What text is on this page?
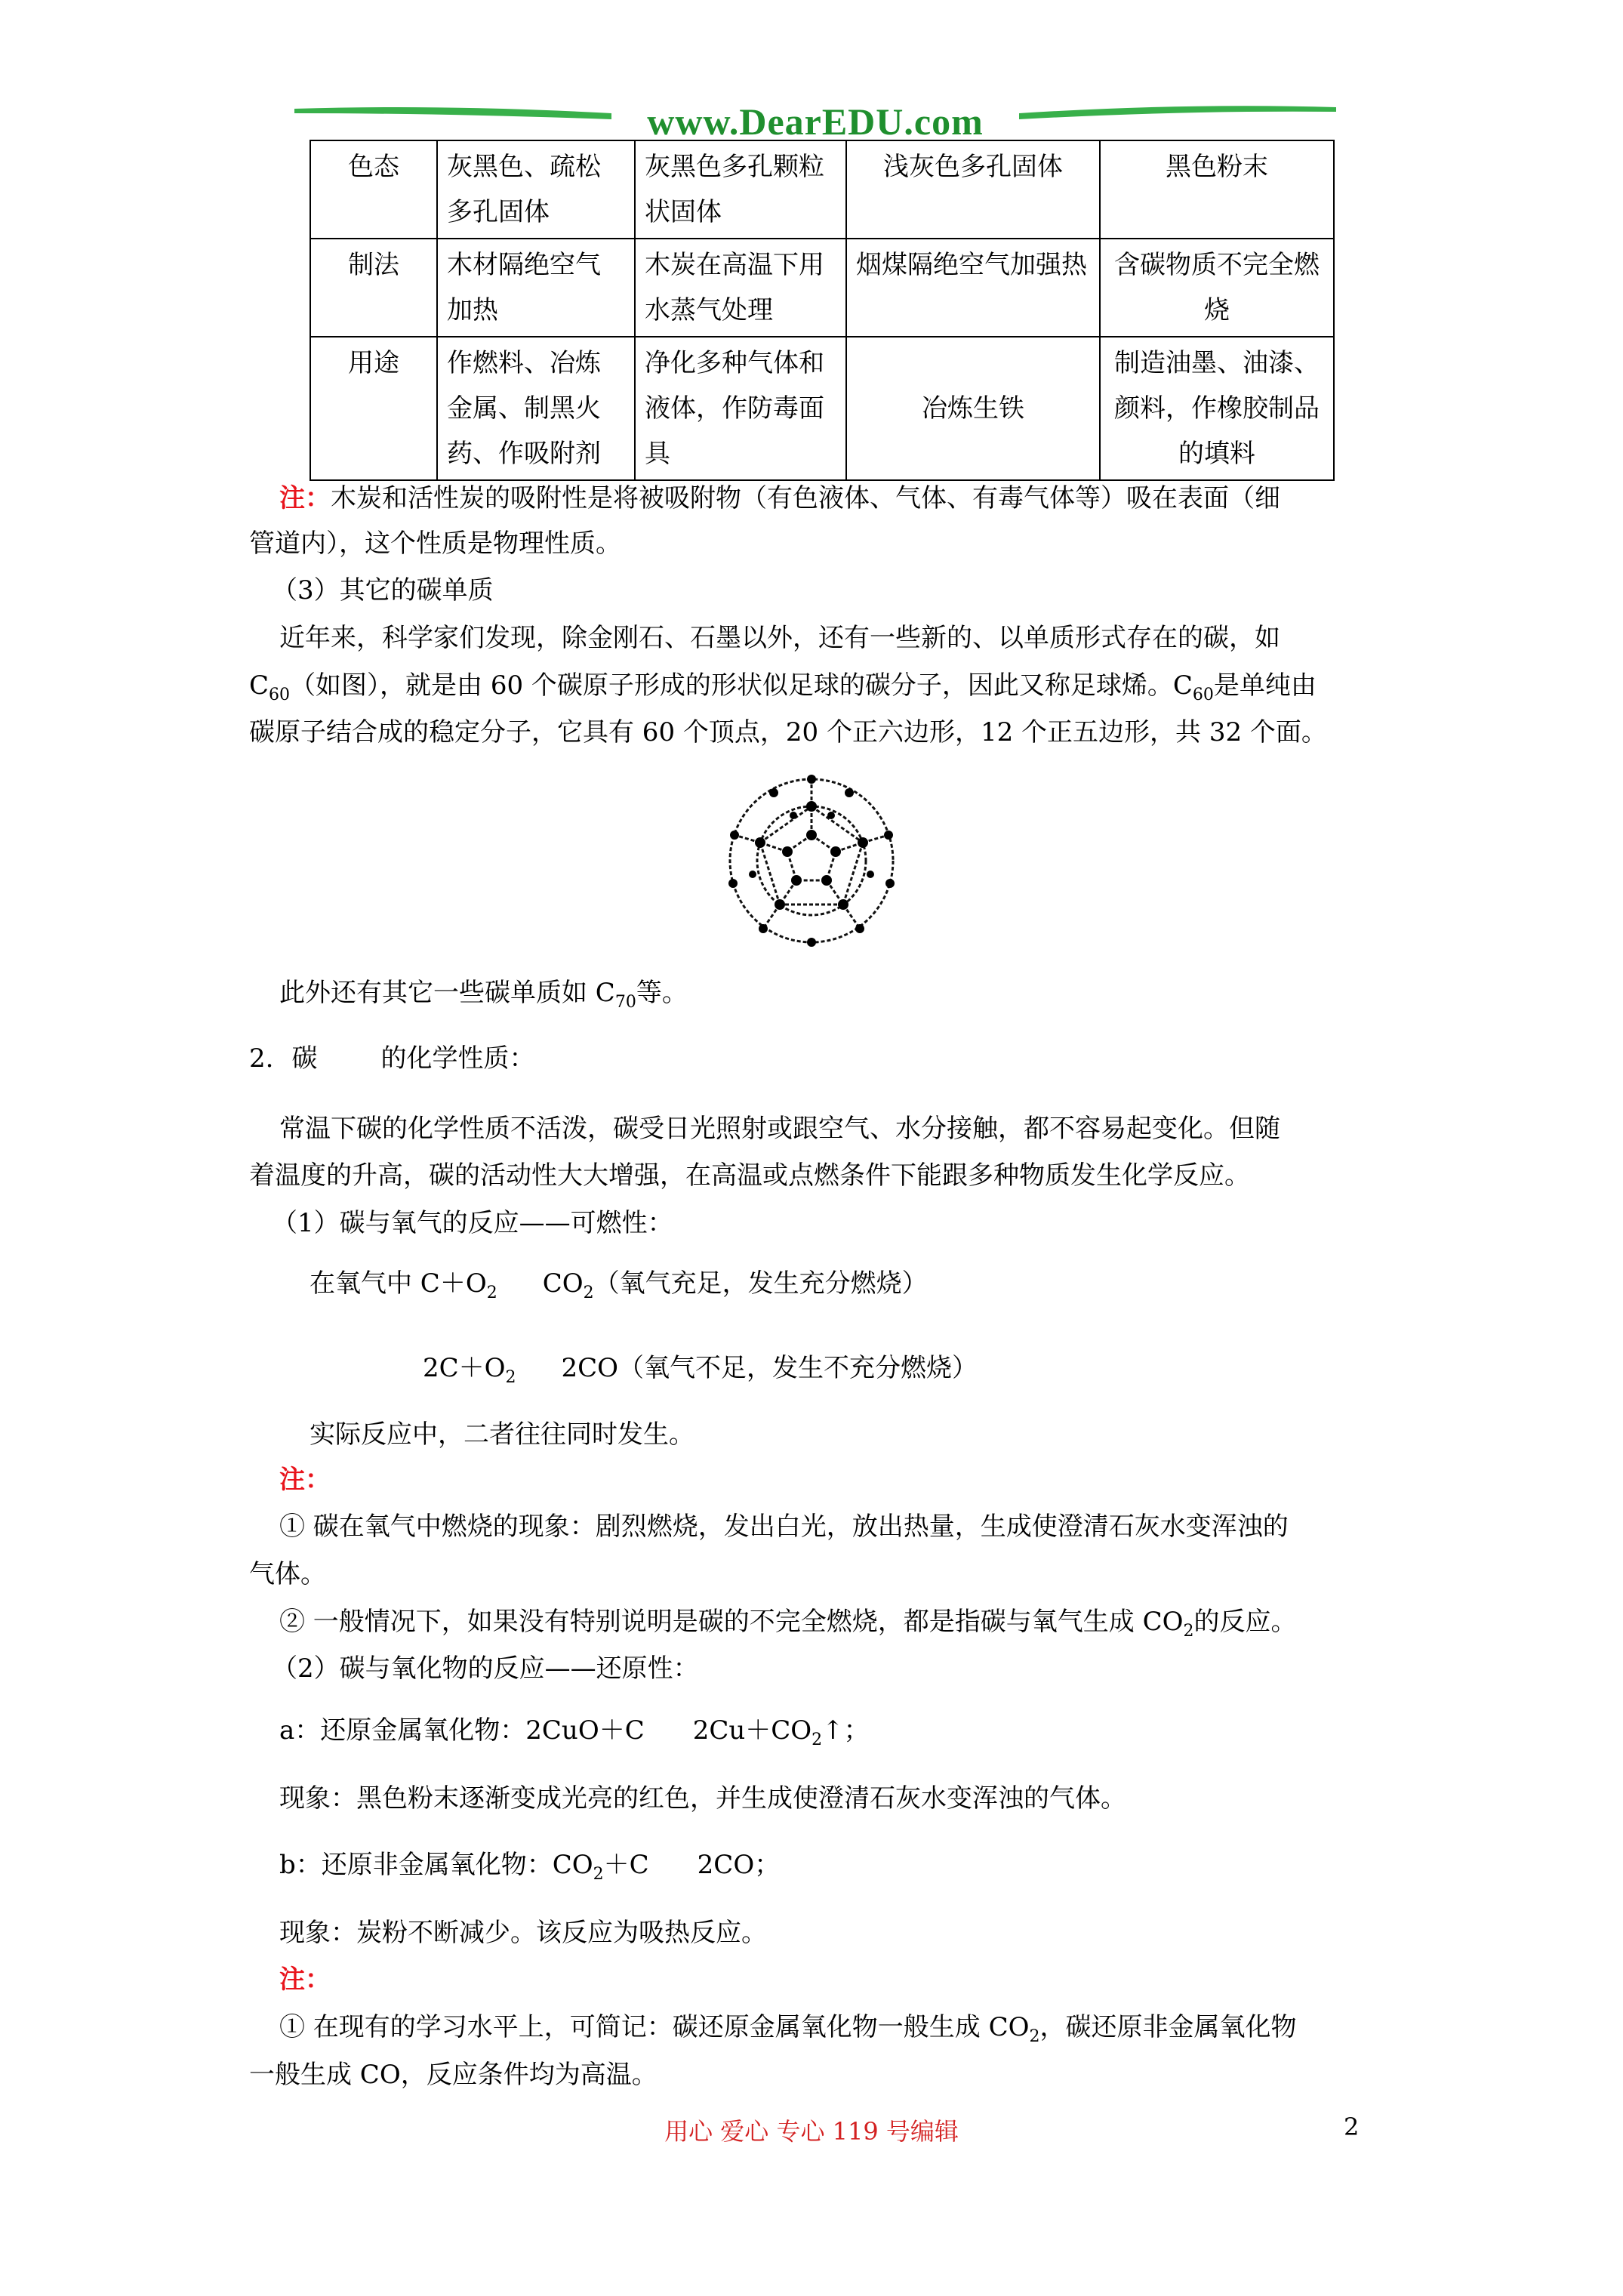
www.DearEDU.com
色态	灰黑色、疏松多孔固体	灰黑色多孔颗粒状固体	浅灰色多孔固体	黑色粉末
制法	木材隔绝空气加热	木炭在高温下用水蒸气处理	烟煤隔绝空气加强热	含碳物质不完全燃烧
用途	作燃料、冶炼金属、制黑火药、作吸附剂	净化多种气体和液体，作防毒面具	冶炼生铁	制造油墨、油漆、颜料，作橡胶制品的填料
注：木炭和活性炭的吸附性是将被吸附物（有色液体、气体、有毒气体等）吸在表面（细
管道内），这个性质是物理性质。
（3）其它的碳单质
近年来，科学家们发现，除金刚石、石墨以外，还有一些新的、以单质形式存在的碳，如
$C_{60}$（如图），就是由 60 个碳原子形成的形状似足球的碳分子，因此又称足球烯。$C_{60}$是单纯由
碳原子结合成的稳定分子，它具有 60 个顶点，20 个正六边形，12 个正五边形，共 32 个面。
此外还有其它一些碳单质如 $C_{70}$等。
2. 碳 的化学性质：
常温下碳的化学性质不活泼，碳受日光照射或跟空气、水分接触，都不容易起变化。但随
着温度的升高，碳的活动性大大增强，在高温或点燃条件下能跟多种物质发生化学反应。
（1）碳与氧气的反应——可燃性：
在氧气中 $C+O_2$ $CO_2$（氧气充足，发生充分燃烧）
$2C+O_2$ 2CO（氧气不足，发生不充分燃烧）
实际反应中，二者往往同时发生。
注：
① 碳在氧气中燃烧的现象：剧烈燃烧，发出白光，放出热量，生成使澄清石灰水变浑浊的
气体。
② 一般情况下，如果没有特别说明是碳的不完全燃烧，都是指碳与氧气生成 $CO_2$的反应。
（2）碳与氧化物的反应——还原性：
a：还原金属氧化物：2CuO＋C $2Cu+CO_2↑$；
现象：黑色粉末逐渐变成光亮的红色，并生成使澄清石灰水变浑浊的气体。
b：还原非金属氧化物：$CO_2+C$ 2CO；
现象：炭粉不断减少。该反应为吸热反应。
注：
① 在现有的学习水平上，可简记：碳还原金属氧化物一般生成 $CO_2$，碳还原非金属氧化物
一般生成 CO，反应条件均为高温。
用心 爱心 专心 119 号编辑	2
